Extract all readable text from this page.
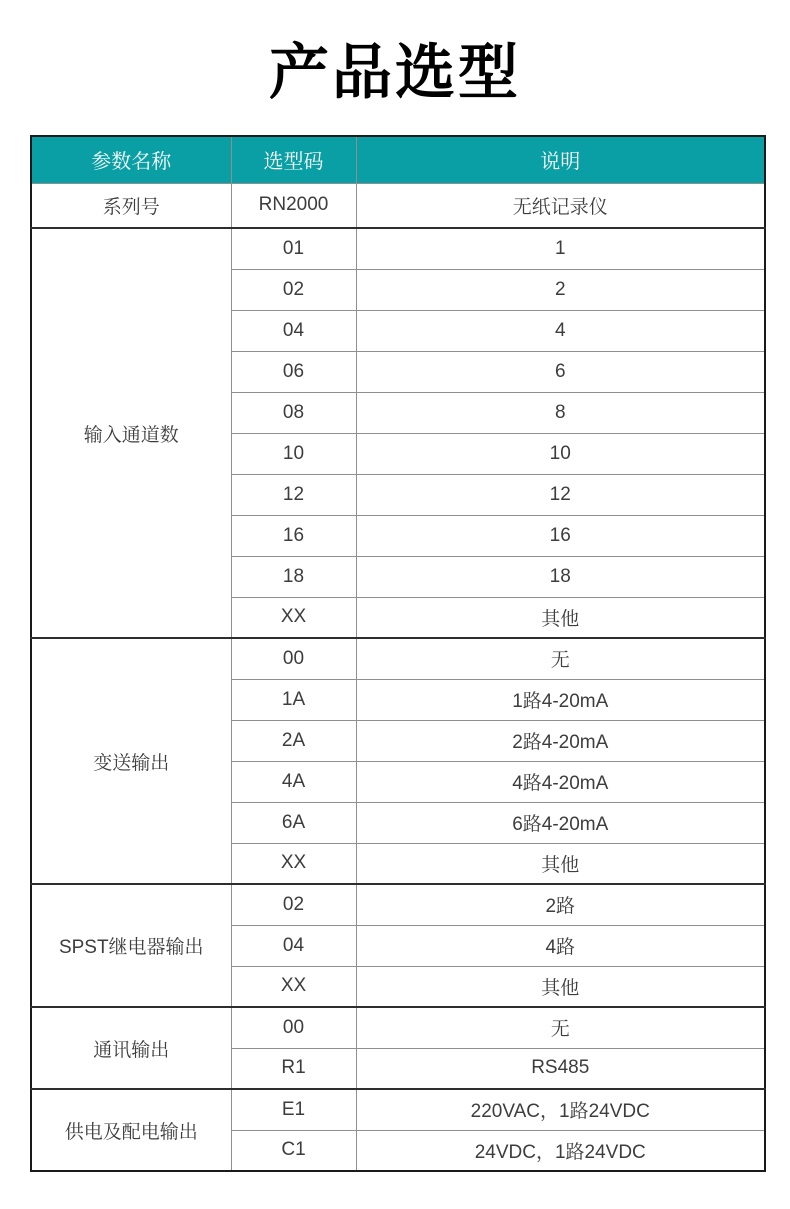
产品选型
参数名称	选型码	说明
系列号	RN2000	无纸记录仪
输入通道数	01	1
	02	2
	04	4
	06	6
	08	8
	10	10
	12	12
	16	16
	18	18
	XX	其他
变送输出	00	无
	1A	1路4-20mA
	2A	2路4-20mA
	4A	4路4-20mA
	6A	6路4-20mA
	XX	其他
SPST继电器输出	02	2路
	04	4路
	XX	其他
通讯输出	00	无
	R1	RS485
供电及配电输出	E1	220VAC，1路24VDC
	C1	24VDC，1路24VDC
